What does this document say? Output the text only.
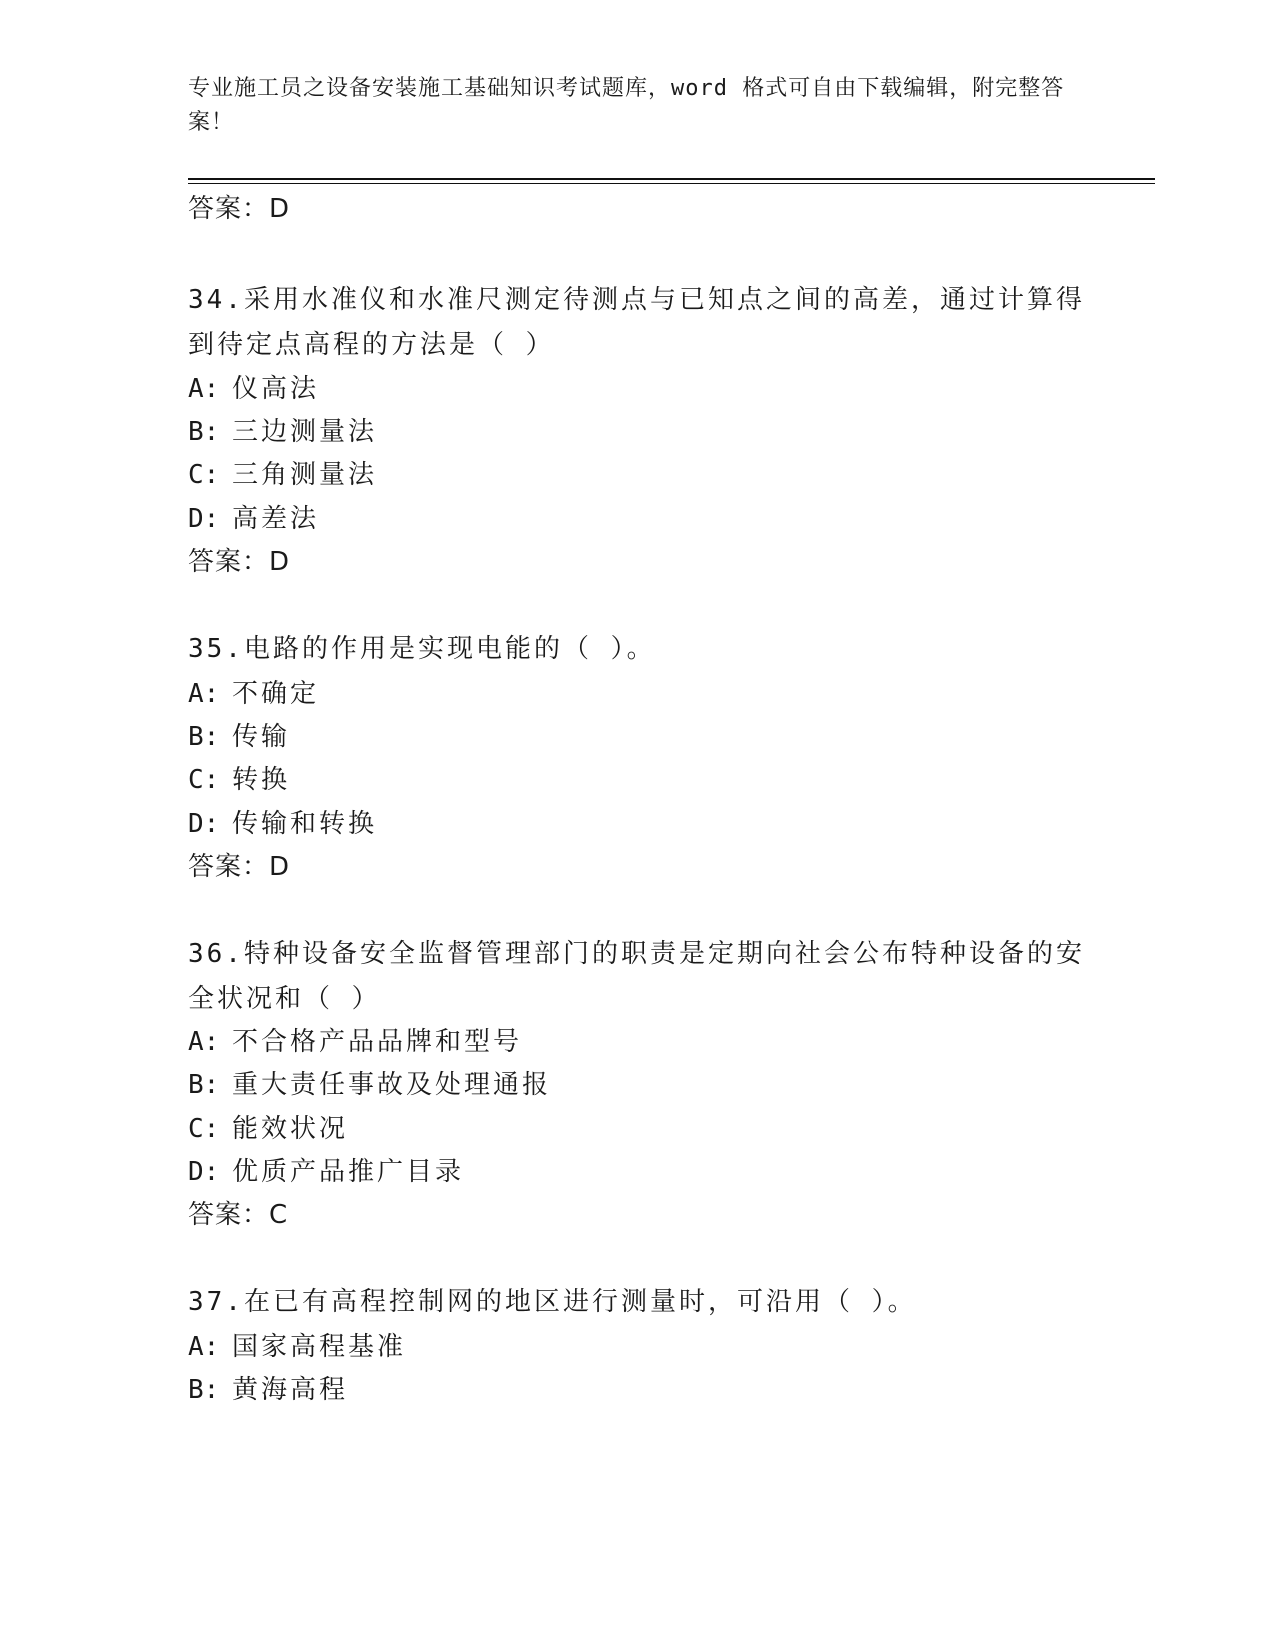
专业施工员之设备安装施工基础知识考试题库，word 格式可自由下载编辑，附完整答案！
答案：D
34.采用水准仪和水准尺测定待测点与已知点之间的高差，通过计算得到待定点高程的方法是（ ）
A: 仪高法
B: 三边测量法
C: 三角测量法
D: 高差法
答案：D
35.电路的作用是实现电能的（ ）。
A: 不确定
B: 传输
C: 转换
D: 传输和转换
答案：D
36.特种设备安全监督管理部门的职责是定期向社会公布特种设备的安全状况和（ ）
A: 不合格产品品牌和型号
B: 重大责任事故及处理通报
C: 能效状况
D: 优质产品推广目录
答案：C
37.在已有高程控制网的地区进行测量时，可沿用（ ）。
A: 国家高程基准
B: 黄海高程
